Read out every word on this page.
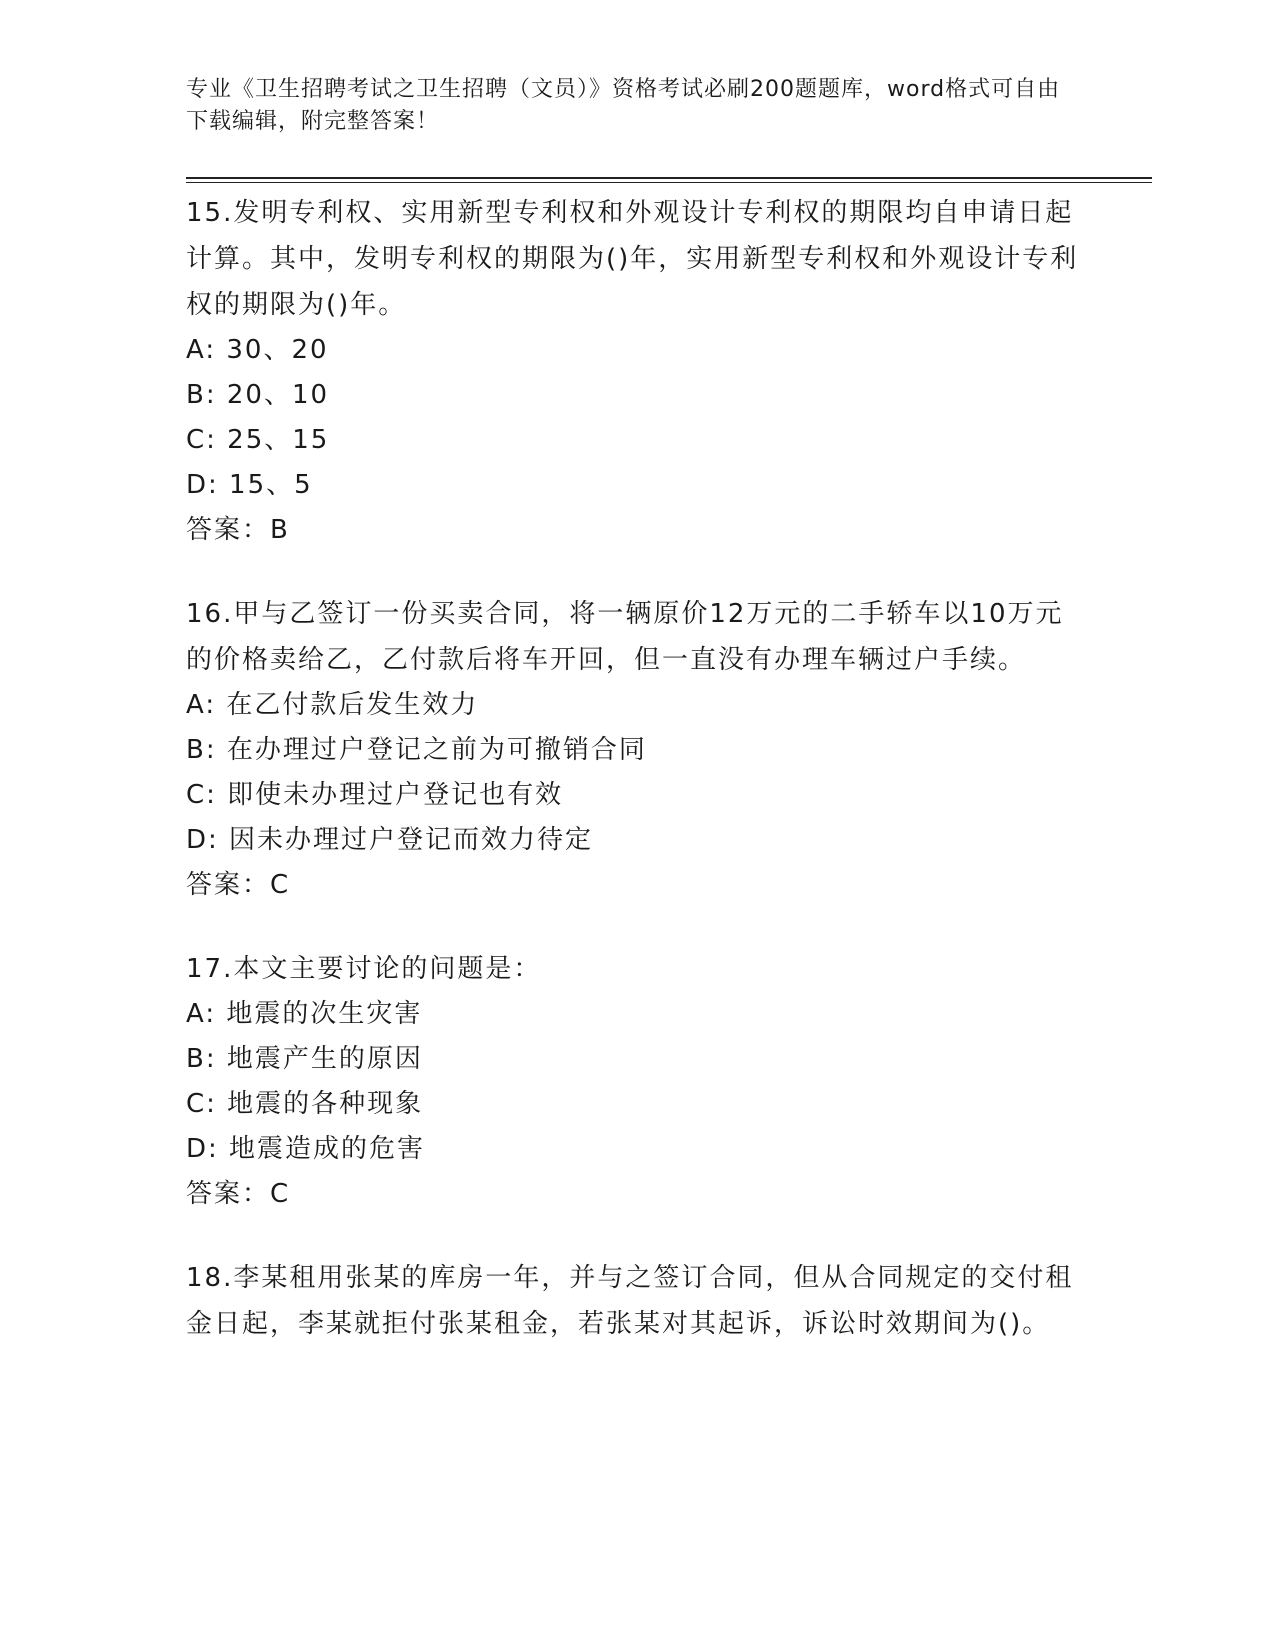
专业《卫生招聘考试之卫生招聘（文员）》资格考试必刷200题题库，word格式可自由下载编辑，附完整答案！
15.发明专利权、实用新型专利权和外观设计专利权的期限均自申请日起计算。其中，发明专利权的期限为()年，实用新型专利权和外观设计专利权的期限为()年。
A: 30、20
B: 20、10
C: 25、15
D: 15、5
答案：B
16.甲与乙签订一份买卖合同，将一辆原价12万元的二手轿车以10万元的价格卖给乙，乙付款后将车开回，但一直没有办理车辆过户手续。
A: 在乙付款后发生效力
B: 在办理过户登记之前为可撤销合同
C: 即使未办理过户登记也有效
D: 因未办理过户登记而效力待定
答案：C
17.本文主要讨论的问题是：
A: 地震的次生灾害
B: 地震产生的原因
C: 地震的各种现象
D: 地震造成的危害
答案：C
18.李某租用张某的库房一年，并与之签订合同，但从合同规定的交付租金日起，李某就拒付张某租金，若张某对其起诉，诉讼时效期间为()。
